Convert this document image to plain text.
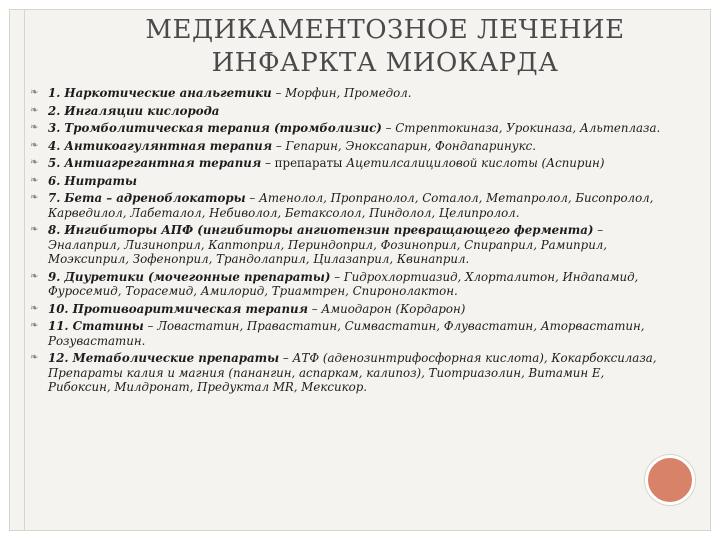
МЕДИКАМЕНТОЗНОЕ ЛЕЧЕНИЕ
ИНФАРКТА МИОКАРДА
❧ 1. Наркотические анальгетики – Морфин, Промедол.
❧ 2. Ингаляции кислорода
❧ 3. Тромболитическая терапия (тромболизис) – Стрептокиназа, Урокиназа, Альтеплаза.
❧ 4. Антикоагулянтная терапия – Гепарин, Эноксапарин, Фондапаринукс.
❧ 5. Антиагрегантная терапия – препараты Ацетилсалициловой кислоты (Аспирин)
❧ 6. Нитраты
❧ 7. Бета – адреноблокаторы – Атенолол, Пропранолол, Соталол, Метапролол, Бисопролол, Карведилол, Лабеталол, Небиволол, Бетаксолол, Пиндолол, Целипролол.
❧ 8. Ингибиторы АПФ (ингибиторы ангиотензин превращающего фермента) – Эналаприл, Лизиноприл, Каптоприл, Периндоприл, Фозиноприл, Спираприл, Рамиприл, Моэксиприл, Зофеноприл, Трандолаприл, Цилазаприл, Квинаприл.
❧ 9. Диуретики (мочегонные препараты) – Гидрохлортиазид, Хлорталитон, Индапамид, Фуросемид, Торасемид, Амилорид, Триамтрен, Спиронолактон.
❧ 10. Противоаритмическая терапия – Амиодарон (Кордарон)
❧ 11. Статины – Ловастатин, Правастатин, Симвастатин, Флувастатин, Аторвастатин, Розувастатин.
❧ 12. Метаболические препараты – АТФ (аденозинтрифосфорная кислота), Кокарбоксилаза, Препараты калия и магния (панангин, аспаркам, калипоз), Тиотриазолин, Витамин Е, Рибоксин, Милдронат, Предуктал MR, Мексикор.
